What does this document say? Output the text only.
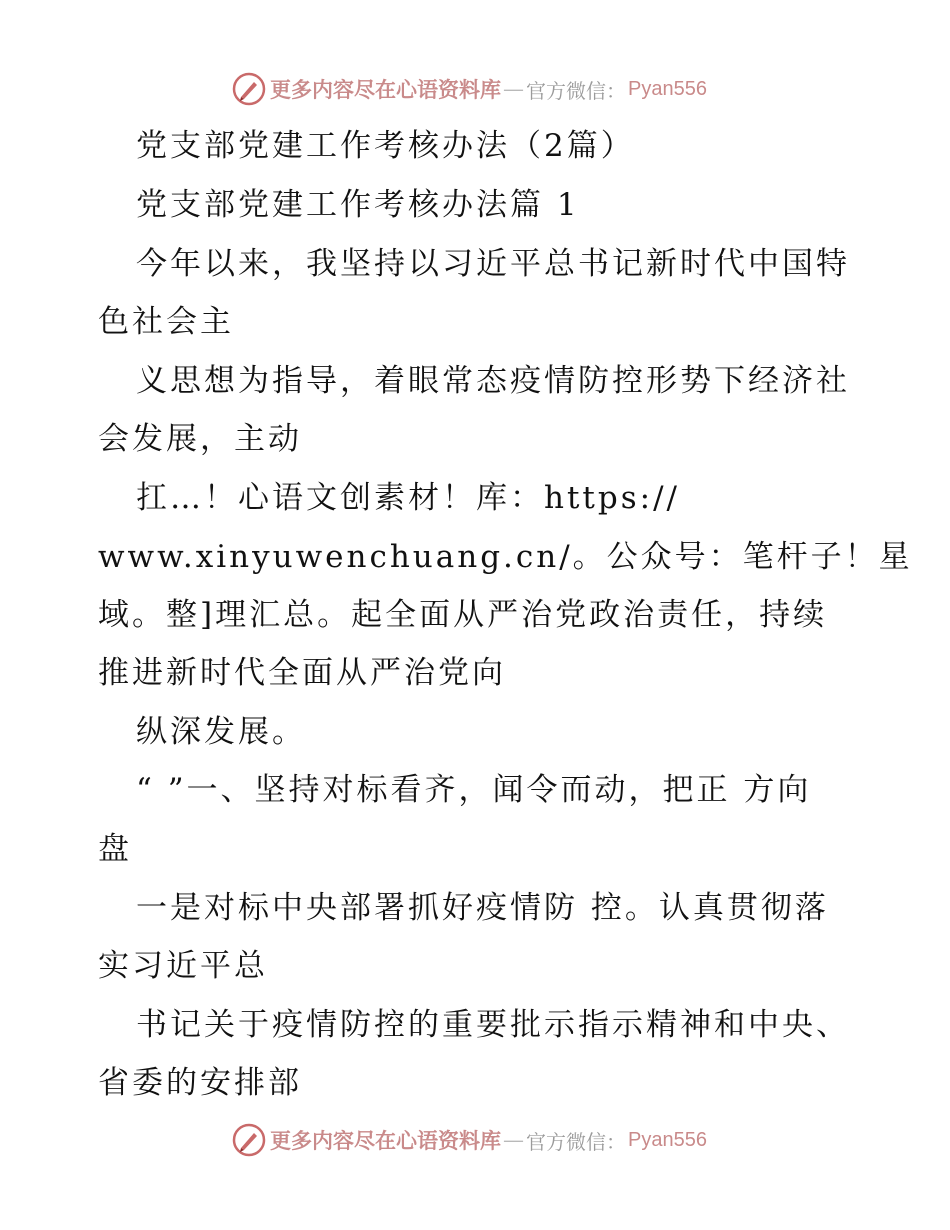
更多内容尽在心语资料库 — 官方微信： Pyan556
党支部党建工作考核办法（2篇）
党支部党建工作考核办法篇 1
今年以来，我坚持以习近平总书记新时代中国特
色社会主
义思想为指导，着眼常态疫情防控形势下经济社
会发展，主动
扛…！心语文创素材！库：https://
www.xinyuwenchuang.cn/。公众号：笔杆子！星
域。整]理汇总。起全面从严治党政治责任，持续
推进新时代全面从严治党向
纵深发展。
“ ”一、坚持对标看齐，闻令而动，把正 方向
盘
一是对标中央部署抓好疫情防 控。认真贯彻落
实习近平总
书记关于疫情防控的重要批示指示精神和中央、
省委的安排部
更多内容尽在心语资料库 — 官方微信： Pyan556
